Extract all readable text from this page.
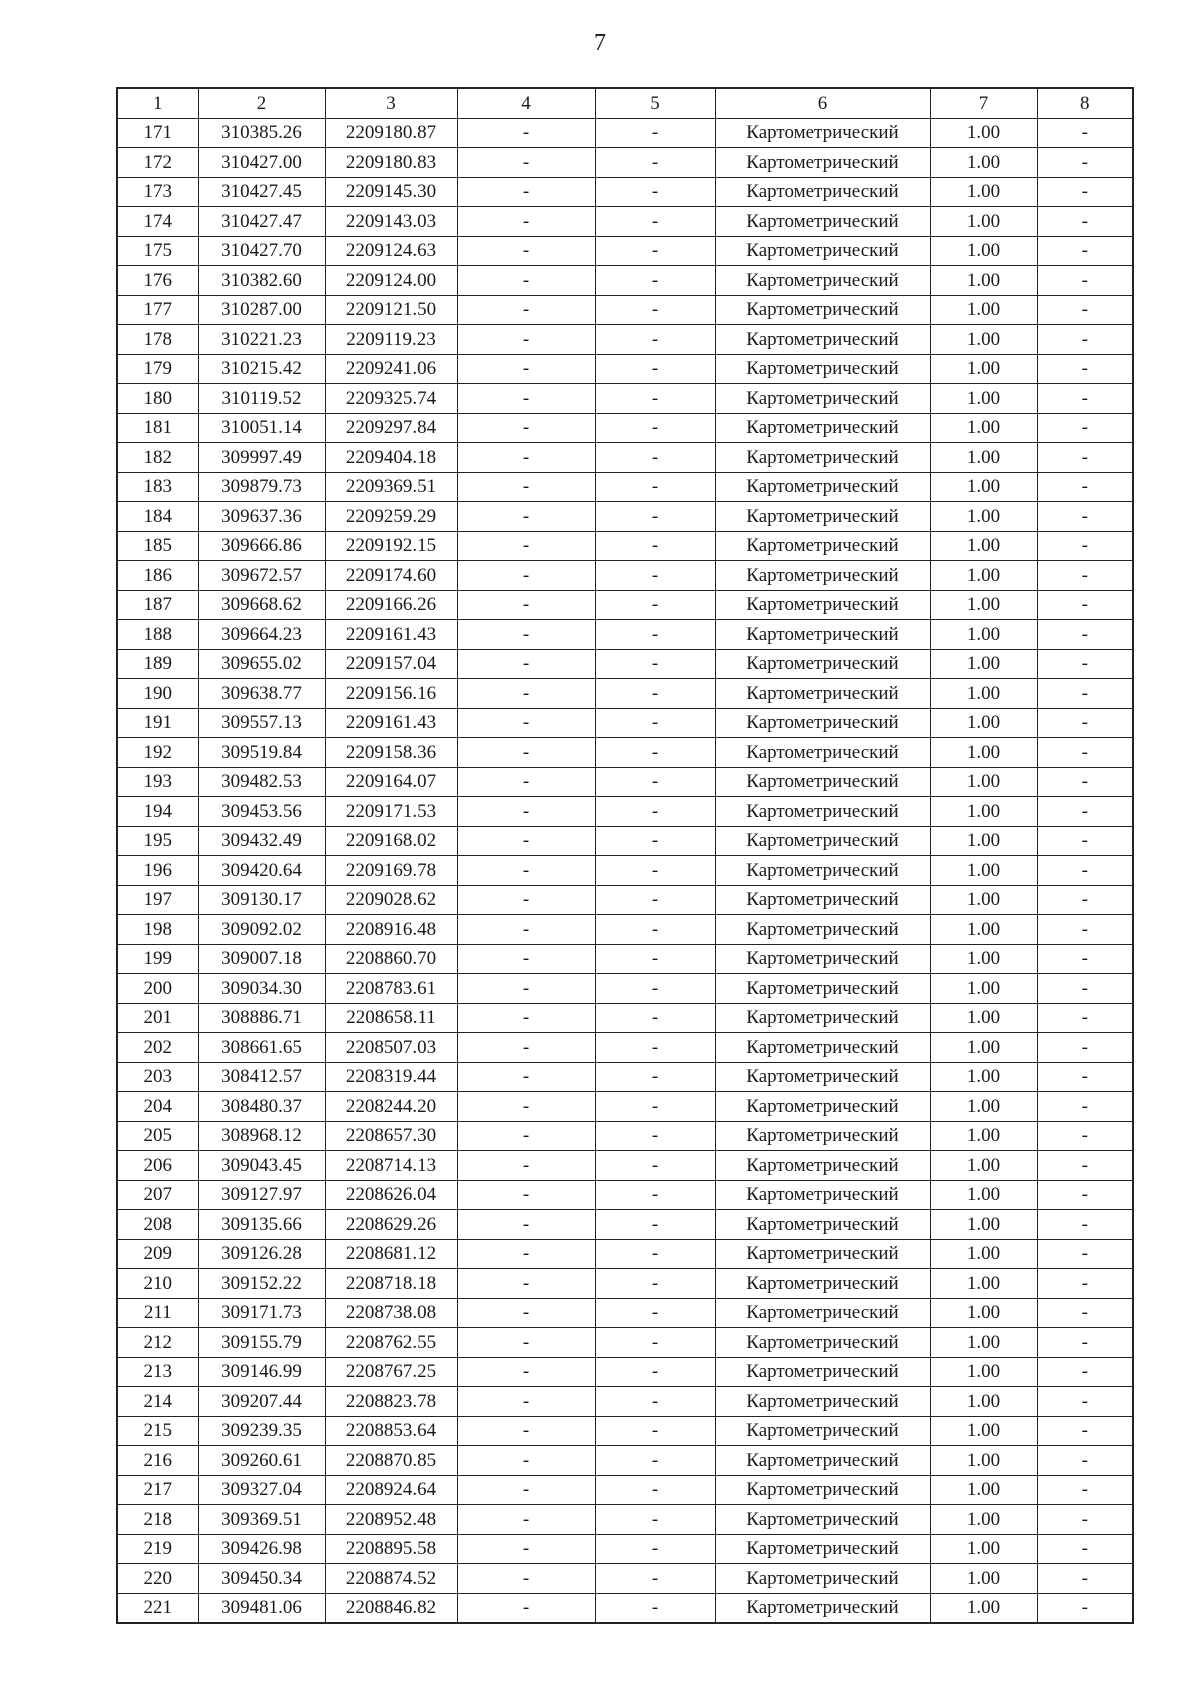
7
1	2	3	4	5	6	7	8
171	310385.26	2209180.87	-	-	Картометрический	1.00	-
172	310427.00	2209180.83	-	-	Картометрический	1.00	-
173	310427.45	2209145.30	-	-	Картометрический	1.00	-
174	310427.47	2209143.03	-	-	Картометрический	1.00	-
175	310427.70	2209124.63	-	-	Картометрический	1.00	-
176	310382.60	2209124.00	-	-	Картометрический	1.00	-
177	310287.00	2209121.50	-	-	Картометрический	1.00	-
178	310221.23	2209119.23	-	-	Картометрический	1.00	-
179	310215.42	2209241.06	-	-	Картометрический	1.00	-
180	310119.52	2209325.74	-	-	Картометрический	1.00	-
181	310051.14	2209297.84	-	-	Картометрический	1.00	-
182	309997.49	2209404.18	-	-	Картометрический	1.00	-
183	309879.73	2209369.51	-	-	Картометрический	1.00	-
184	309637.36	2209259.29	-	-	Картометрический	1.00	-
185	309666.86	2209192.15	-	-	Картометрический	1.00	-
186	309672.57	2209174.60	-	-	Картометрический	1.00	-
187	309668.62	2209166.26	-	-	Картометрический	1.00	-
188	309664.23	2209161.43	-	-	Картометрический	1.00	-
189	309655.02	2209157.04	-	-	Картометрический	1.00	-
190	309638.77	2209156.16	-	-	Картометрический	1.00	-
191	309557.13	2209161.43	-	-	Картометрический	1.00	-
192	309519.84	2209158.36	-	-	Картометрический	1.00	-
193	309482.53	2209164.07	-	-	Картометрический	1.00	-
194	309453.56	2209171.53	-	-	Картометрический	1.00	-
195	309432.49	2209168.02	-	-	Картометрический	1.00	-
196	309420.64	2209169.78	-	-	Картометрический	1.00	-
197	309130.17	2209028.62	-	-	Картометрический	1.00	-
198	309092.02	2208916.48	-	-	Картометрический	1.00	-
199	309007.18	2208860.70	-	-	Картометрический	1.00	-
200	309034.30	2208783.61	-	-	Картометрический	1.00	-
201	308886.71	2208658.11	-	-	Картометрический	1.00	-
202	308661.65	2208507.03	-	-	Картометрический	1.00	-
203	308412.57	2208319.44	-	-	Картометрический	1.00	-
204	308480.37	2208244.20	-	-	Картометрический	1.00	-
205	308968.12	2208657.30	-	-	Картометрический	1.00	-
206	309043.45	2208714.13	-	-	Картометрический	1.00	-
207	309127.97	2208626.04	-	-	Картометрический	1.00	-
208	309135.66	2208629.26	-	-	Картометрический	1.00	-
209	309126.28	2208681.12	-	-	Картометрический	1.00	-
210	309152.22	2208718.18	-	-	Картометрический	1.00	-
211	309171.73	2208738.08	-	-	Картометрический	1.00	-
212	309155.79	2208762.55	-	-	Картометрический	1.00	-
213	309146.99	2208767.25	-	-	Картометрический	1.00	-
214	309207.44	2208823.78	-	-	Картометрический	1.00	-
215	309239.35	2208853.64	-	-	Картометрический	1.00	-
216	309260.61	2208870.85	-	-	Картометрический	1.00	-
217	309327.04	2208924.64	-	-	Картометрический	1.00	-
218	309369.51	2208952.48	-	-	Картометрический	1.00	-
219	309426.98	2208895.58	-	-	Картометрический	1.00	-
220	309450.34	2208874.52	-	-	Картометрический	1.00	-
221	309481.06	2208846.82	-	-	Картометрический	1.00	-
